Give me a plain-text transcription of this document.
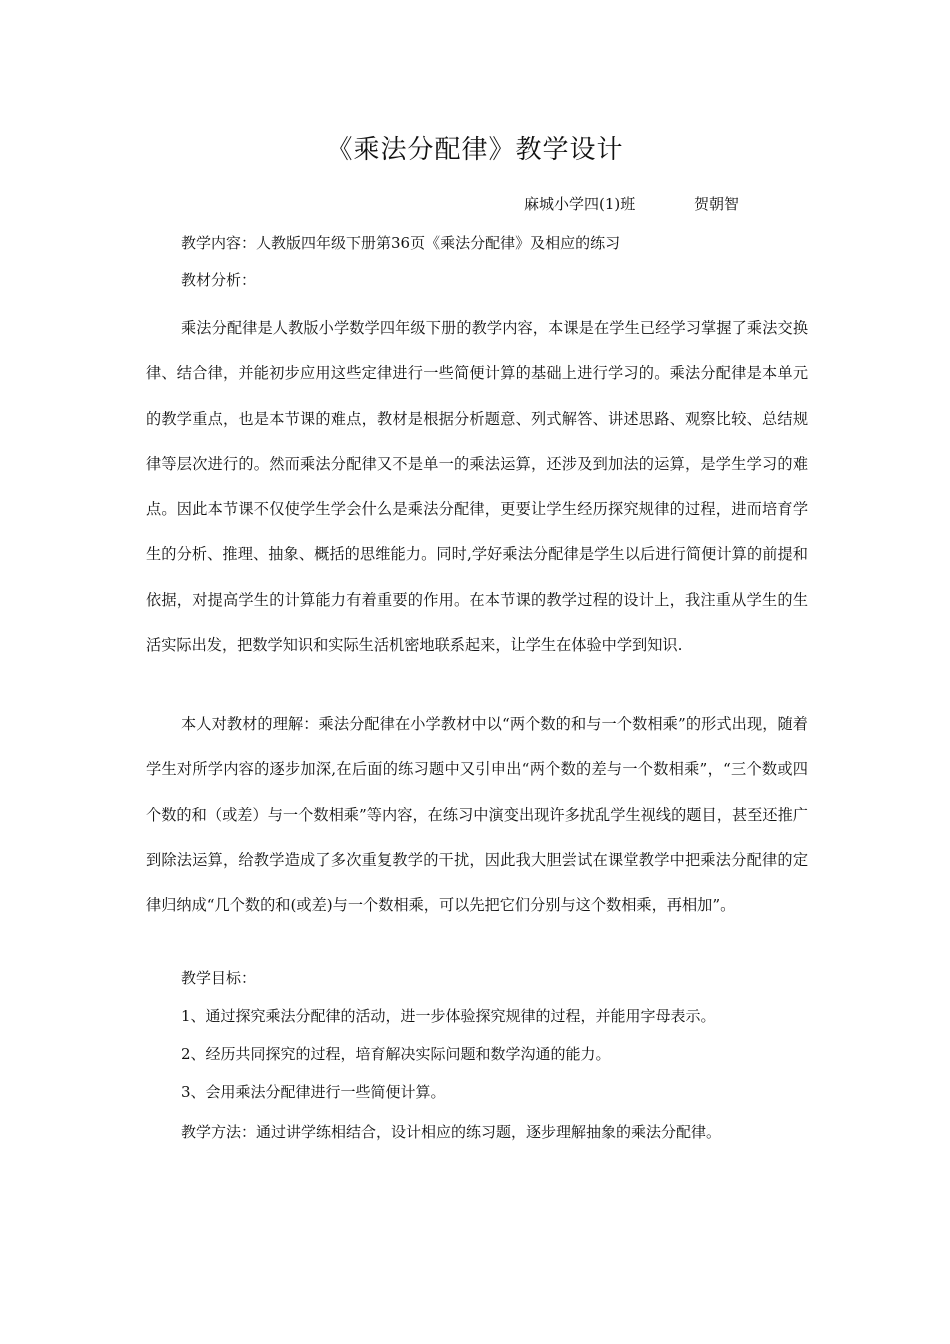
《乘法分配律》教学设计
麻城小学四(1)班	贺朝智
教学内容：人教版四年级下册第36页《乘法分配律》及相应的练习
教材分析：

乘法分配律是人教版小学数学四年级下册的教学内容，本课是在学生已经学习掌握了乘法交换律、结合律，并能初步应用这些定律进行一些简便计算的基础上进行学习的。乘法分配律是本单元的教学重点，也是本节课的难点，教材是根据分析题意、列式解答、讲述思路、观察比较、总结规律等层次进行的。然而乘法分配律又不是单一的乘法运算，还涉及到加法的运算，是学生学习的难点。因此本节课不仅使学生学会什么是乘法分配律，更要让学生经历探究规律的过程，进而培育学生的分析、推理、抽象、概括的思维能力。同时,学好乘法分配律是学生以后进行简便计算的前提和依据，对提高学生的计算能力有着重要的作用。在本节课的教学过程的设计上，我注重从学生的生活实际出发，把数学知识和实际生活机密地联系起来，让学生在体验中学到知识.

本人对教材的理解：乘法分配律在小学教材中以“两个数的和与一个数相乘”的形式出现，随着学生对所学内容的逐步加深,在后面的练习题中又引申出“两个数的差与一个数相乘”，“三个数或四个数的和（或差）与一个数相乘”等内容，在练习中演变出现许多扰乱学生视线的题目，甚至还推广到除法运算，给教学造成了多次重复教学的干扰，因此我大胆尝试在课堂教学中把乘法分配律的定律归纳成“几个数的和(或差)与一个数相乘，可以先把它们分别与这个数相乘，再相加”。

教学目标：
1、通过探究乘法分配律的活动，进一步体验探究规律的过程，并能用字母表示。
2、经历共同探究的过程，培育解决实际问题和数学沟通的能力。
3、会用乘法分配律进行一些简便计算。
教学方法：通过讲学练相结合，设计相应的练习题，逐步理解抽象的乘法分配律。
